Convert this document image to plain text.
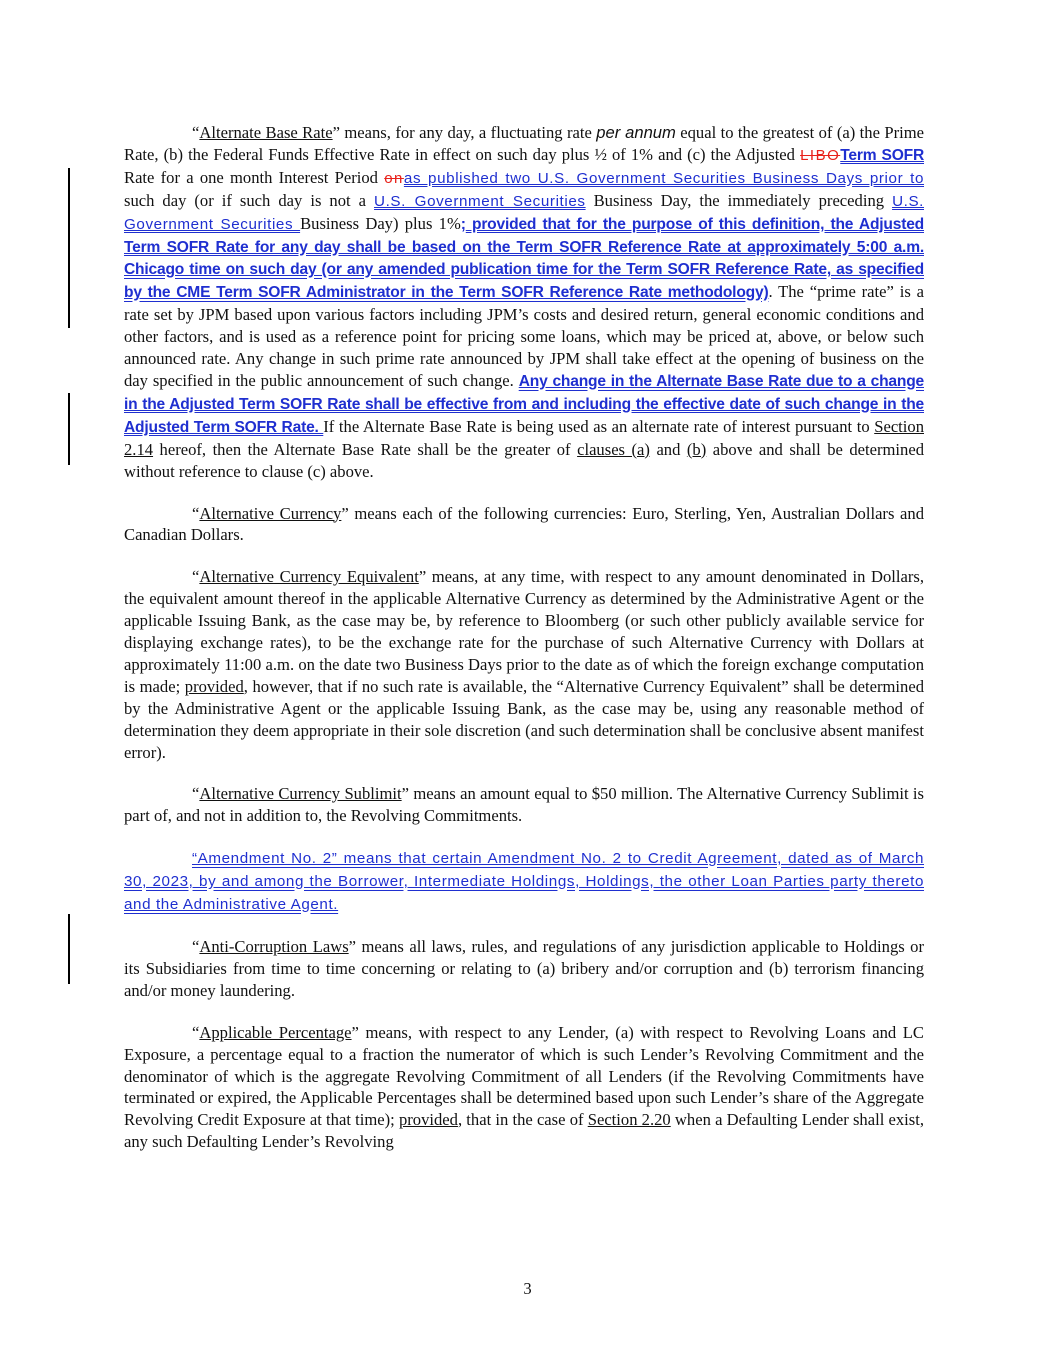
“Alternate Base Rate” means, for any day, a fluctuating rate per annum equal to the greatest of (a) the Prime Rate, (b) the Federal Funds Effective Rate in effect on such day plus ½ of 1% and (c) the Adjusted LIBOTerm SOFR Rate for a one month Interest Period onas published two U.S. Government Securities Business Days prior to such day (or if such day is not a U.S. Government Securities Business Day, the immediately preceding U.S. Government Securities Business Day) plus 1%; provided that for the purpose of this definition, the Adjusted Term SOFR Rate for any day shall be based on the Term SOFR Reference Rate at approximately 5:00 a.m. Chicago time on such day (or any amended publication time for the Term SOFR Reference Rate, as specified by the CME Term SOFR Administrator in the Term SOFR Reference Rate methodology). The “prime rate” is a rate set by JPM based upon various factors including JPM’s costs and desired return, general economic conditions and other factors, and is used as a reference point for pricing some loans, which may be priced at, above, or below such announced rate. Any change in such prime rate announced by JPM shall take effect at the opening of business on the day specified in the public announcement of such change. Any change in the Alternate Base Rate due to a change in the Adjusted Term SOFR Rate shall be effective from and including the effective date of such change in the Adjusted Term SOFR Rate. If the Alternate Base Rate is being used as an alternate rate of interest pursuant to Section 2.14 hereof, then the Alternate Base Rate shall be the greater of clauses (a) and (b) above and shall be determined without reference to clause (c) above.

“Alternative Currency” means each of the following currencies: Euro, Sterling, Yen, Australian Dollars and Canadian Dollars.

“Alternative Currency Equivalent” means, at any time, with respect to any amount denominated in Dollars, the equivalent amount thereof in the applicable Alternative Currency as determined by the Administrative Agent or the applicable Issuing Bank, as the case may be, by reference to Bloomberg (or such other publicly available service for displaying exchange rates), to be the exchange rate for the purchase of such Alternative Currency with Dollars at approximately 11:00 a.m. on the date two Business Days prior to the date as of which the foreign exchange computation is made; provided, however, that if no such rate is available, the “Alternative Currency Equivalent” shall be determined by the Administrative Agent or the applicable Issuing Bank, as the case may be, using any reasonable method of determination they deem appropriate in their sole discretion (and such determination shall be conclusive absent manifest error).

“Alternative Currency Sublimit” means an amount equal to $50 million. The Alternative Currency Sublimit is part of, and not in addition to, the Revolving Commitments.

“Amendment No. 2” means that certain Amendment No. 2 to Credit Agreement, dated as of March 30, 2023, by and among the Borrower, Intermediate Holdings, Holdings, the other Loan Parties party thereto and the Administrative Agent.

“Anti-Corruption Laws” means all laws, rules, and regulations of any jurisdiction applicable to Holdings or its Subsidiaries from time to time concerning or relating to (a) bribery and/or corruption and (b) terrorism financing and/or money laundering.

“Applicable Percentage” means, with respect to any Lender, (a) with respect to Revolving Loans and LC Exposure, a percentage equal to a fraction the numerator of which is such Lender’s Revolving Commitment and the denominator of which is the aggregate Revolving Commitment of all Lenders (if the Revolving Commitments have terminated or expired, the Applicable Percentages shall be determined based upon such Lender’s share of the Aggregate Revolving Credit Exposure at that time); provided, that in the case of Section 2.20 when a Defaulting Lender shall exist, any such Defaulting Lender’s Revolving

3
